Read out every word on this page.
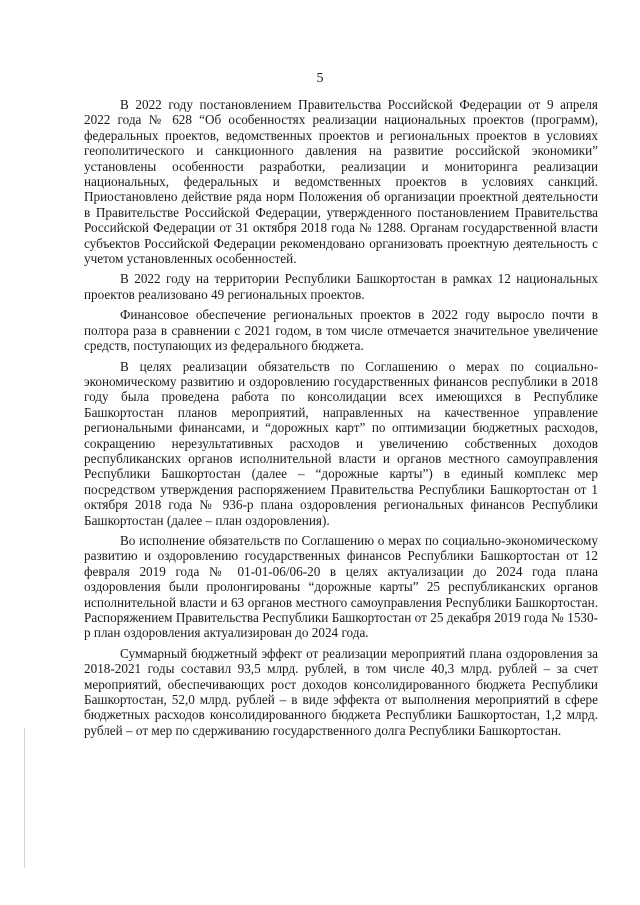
5

В 2022 году постановлением Правительства Российской Федерации от 9 апреля 2022 года № 628 “Об особенностях реализации национальных проектов (программ), федеральных проектов, ведомственных проектов и региональных проектов в условиях геополитического и санкционного давления на развитие российской экономики” установлены особенности разработки, реализации и мониторинга реализации национальных, федеральных и ведомственных проектов в условиях санкций. Приостановлено действие ряда норм Положения об организации проектной деятельности в Правительстве Российской Федерации, утвержденного постановлением Правительства Российской Федерации от 31 октября 2018 года № 1288. Органам государственной власти субъектов Российской Федерации рекомендовано организовать проектную деятельность с учетом установленных особенностей.

В 2022 году на территории Республики Башкортостан в рамках 12 национальных проектов реализовано 49 региональных проектов.

Финансовое обеспечение региональных проектов в 2022 году выросло почти в полтора раза в сравнении с 2021 годом, в том числе отмечается значительное увеличение средств, поступающих из федерального бюджета.

В целях реализации обязательств по Соглашению о мерах по социально-экономическому развитию и оздоровлению государственных финансов республики в 2018 году была проведена работа по консолидации всех имеющихся в Республике Башкортостан планов мероприятий, направленных на качественное управление региональными финансами, и “дорожных карт” по оптимизации бюджетных расходов, сокращению нерезультативных расходов и увеличению собственных доходов республиканских органов исполнительной власти и органов местного самоуправления Республики Башкортостан (далее – “дорожные карты”) в единый комплекс мер посредством утверждения распоряжением Правительства Республики Башкортостан от 1 октября 2018 года № 936-р плана оздоровления региональных финансов Республики Башкортостан (далее – план оздоровления).

Во исполнение обязательств по Соглашению о мерах по социально-экономическому развитию и оздоровлению государственных финансов Республики Башкортостан от 12 февраля 2019 года № 01-01-06/06-20 в целях актуализации до 2024 года плана оздоровления были пролонгированы “дорожные карты” 25 республиканских органов исполнительной власти и 63 органов местного самоуправления Республики Башкортостан. Распоряжением Правительства Республики Башкортостан от 25 декабря 2019 года № 1530-р план оздоровления актуализирован до 2024 года.

Суммарный бюджетный эффект от реализации мероприятий плана оздоровления за 2018-2021 годы составил 93,5 млрд. рублей, в том числе 40,3 млрд. рублей – за счет мероприятий, обеспечивающих рост доходов консолидированного бюджета Республики Башкортостан, 52,0 млрд. рублей – в виде эффекта от выполнения мероприятий в сфере бюджетных расходов консолидированного бюджета Республики Башкортостан, 1,2 млрд. рублей – от мер по сдерживанию государственного долга Республики Башкортостан.
